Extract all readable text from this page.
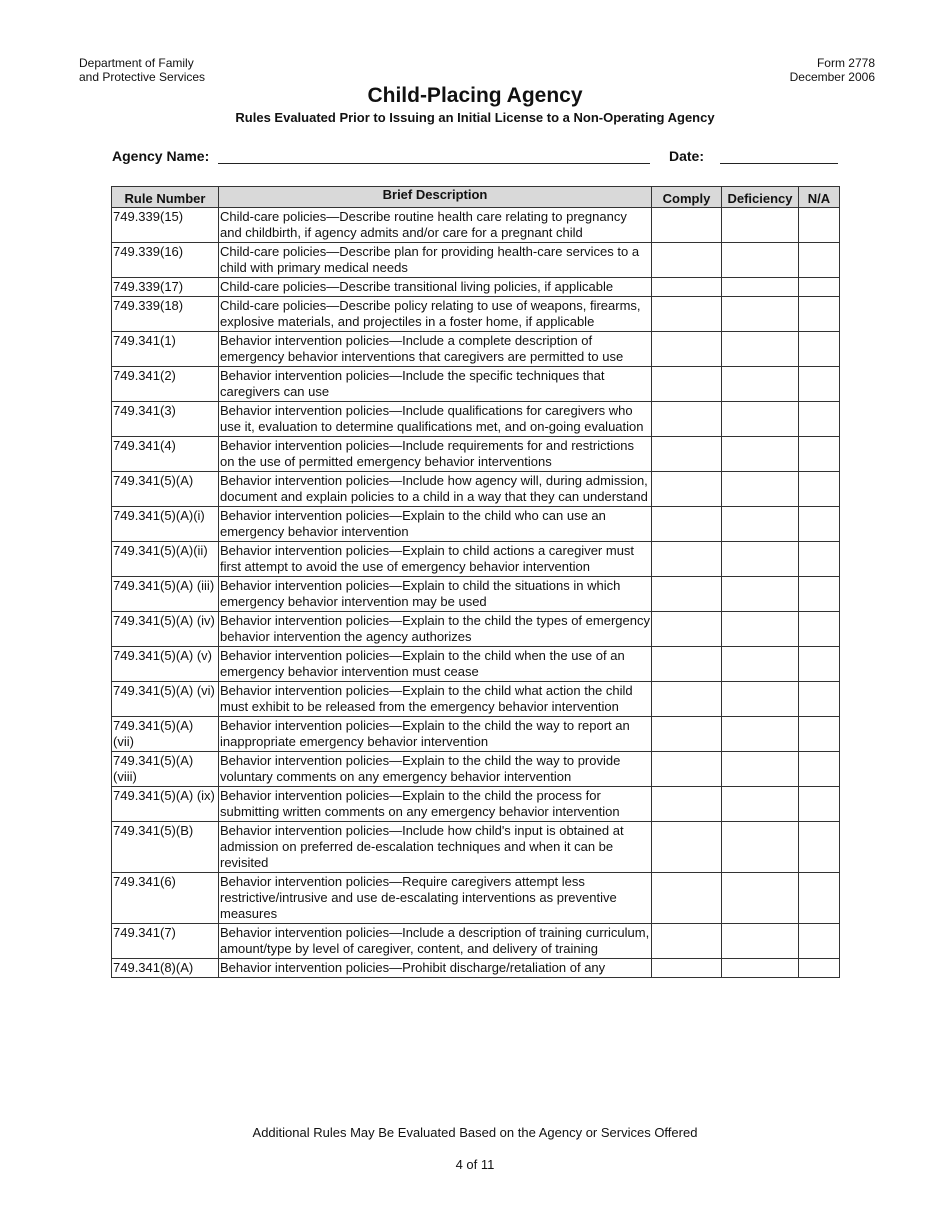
Department of Family
and Protective Services
Form 2778
December 2006
Child-Placing Agency
Rules Evaluated Prior to Issuing an Initial License to a Non-Operating Agency
Agency Name:	Date:
Rule Number	Brief Description	Comply	Deficiency	N/A
749.339(15)	Child-care policies—Describe routine health care relating to pregnancy and childbirth, if agency admits and/or care for a pregnant child			
749.339(16)	Child-care policies—Describe plan for providing health-care services to a child with primary medical needs			
749.339(17)	Child-care policies—Describe transitional living policies, if applicable			
749.339(18)	Child-care policies—Describe policy relating to use of weapons, firearms, explosive materials, and projectiles in a foster home, if applicable			
749.341(1)	Behavior intervention policies—Include a complete description of emergency behavior interventions that caregivers are permitted to use			
749.341(2)	Behavior intervention policies—Include the specific techniques that caregivers can use			
749.341(3)	Behavior intervention policies—Include qualifications for caregivers who use it, evaluation to determine qualifications met, and on-going evaluation			
749.341(4)	Behavior intervention policies—Include requirements for and restrictions on the use of permitted emergency behavior interventions			
749.341(5)(A)	Behavior intervention policies—Include how agency will, during admission, document and explain policies to a child in a way that they can understand			
749.341(5)(A)(i)	Behavior intervention policies—Explain to the child who can use an emergency behavior intervention			
749.341(5)(A)(ii)	Behavior intervention policies—Explain to child actions a caregiver must first attempt to avoid the use of emergency behavior intervention			
749.341(5)(A) (iii)	Behavior intervention policies—Explain to child the situations in which emergency behavior intervention may be used			
749.341(5)(A) (iv)	Behavior intervention policies—Explain to the child the types of emergency behavior intervention the agency authorizes			
749.341(5)(A) (v)	Behavior intervention policies—Explain to the child when the use of an emergency behavior intervention must cease			
749.341(5)(A) (vi)	Behavior intervention policies—Explain to the child what action the child must exhibit to be released from the emergency behavior intervention			
749.341(5)(A) (vii)	Behavior intervention policies—Explain to the child the way to report an inappropriate emergency behavior intervention			
749.341(5)(A) (viii)	Behavior intervention policies—Explain to the child the way to provide voluntary comments on any emergency behavior intervention			
749.341(5)(A) (ix)	Behavior intervention policies—Explain to the child the process for submitting written comments on any emergency behavior intervention			
749.341(5)(B)	Behavior intervention policies—Include how child's input is obtained at admission on preferred de-escalation techniques and when it can be revisited			
749.341(6)	Behavior intervention policies—Require caregivers attempt less restrictive/intrusive and use de-escalating interventions as preventive measures			
749.341(7)	Behavior intervention policies—Include a description of training curriculum, amount/type by level of caregiver, content, and delivery of training			
749.341(8)(A)	Behavior intervention policies—Prohibit discharge/retaliation of any			
Additional Rules May Be Evaluated Based on the Agency or Services Offered
4 of 11
